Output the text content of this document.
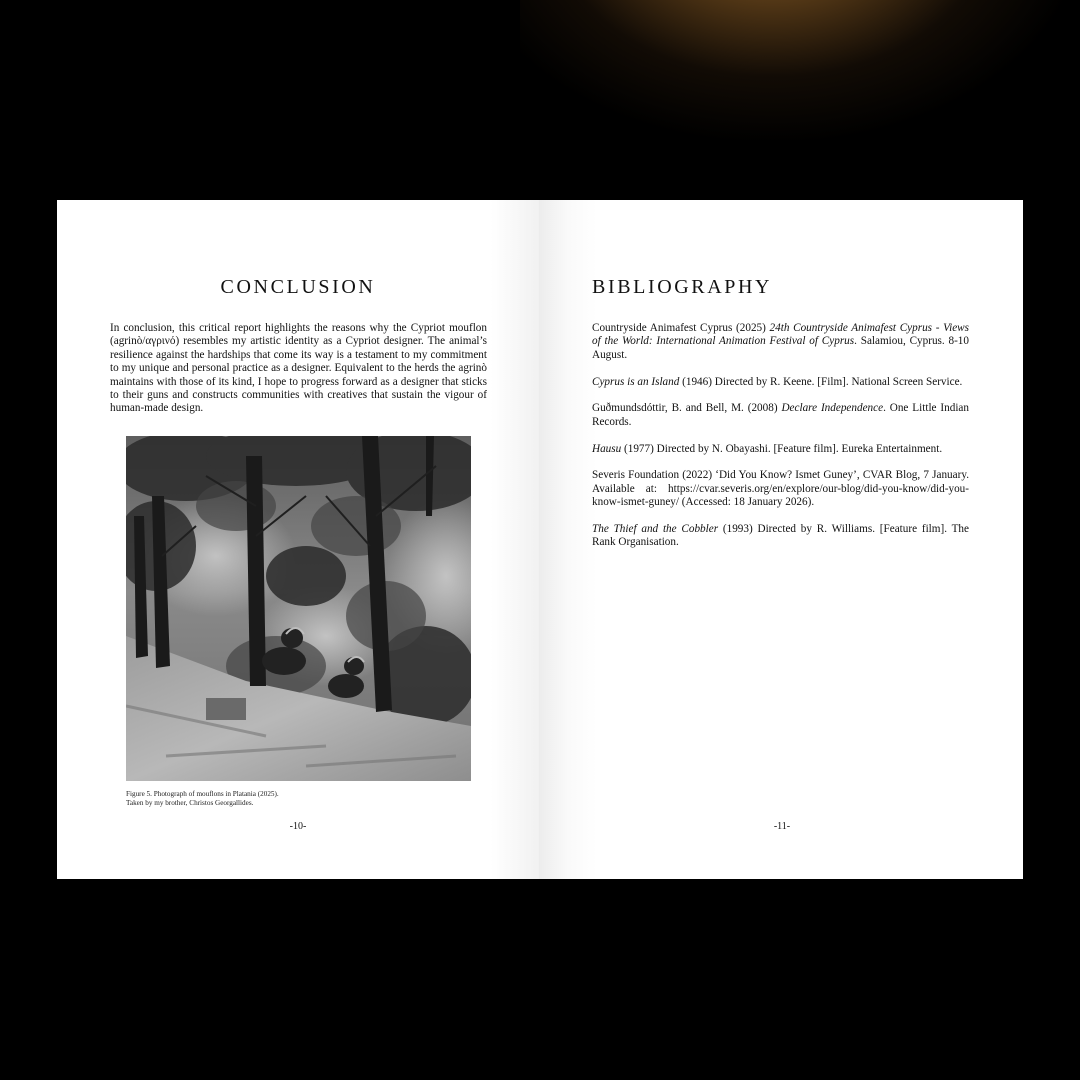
CONCLUSION

In conclusion, this critical report highlights the reasons why the Cypriot mouflon (agrinò/αγρινό) resembles my artistic identity as a Cypriot designer. The animal’s resilience against the hardships that come its way is a testament to my commitment to my unique and personal practice as a designer. Equivalent to the herds the agrinò maintains with those of its kind, I hope to progress forward as a designer that sticks to their guns and constructs communities with creatives that sustain the vigour of human-made design.

Figure 5. Photograph of mouflons in Platania (2025).
Taken by my brother, Christos Georgallides.
-10-
BIBLIOGRAPHY
Countryside Animafest Cyprus (2025) 24th Countryside Animafest Cyprus - Views of the World: International Animation Festival of Cyprus. Salamiou, Cyprus. 8-10 August.
Cyprus is an Island (1946) Directed by R. Keene. [Film]. National Screen Service.
Guðmundsdóttir, B. and Bell, M. (2008) Declare Independence. One Little Indian Records.
Hausu (1977) Directed by N. Obayashi. [Feature film]. Eureka Entertainment.
Severis Foundation (2022) ‘Did You Know? Ismet Guney’, CVAR Blog, 7 January. Available at: https://cvar.severis.org/en/explore/our-blog/did-you-know/did-you-know-ismet-guney/ (Accessed: 18 January 2026).
The Thief and the Cobbler (1993) Directed by R. Williams. [Feature film]. The Rank Organisation.
-11-
